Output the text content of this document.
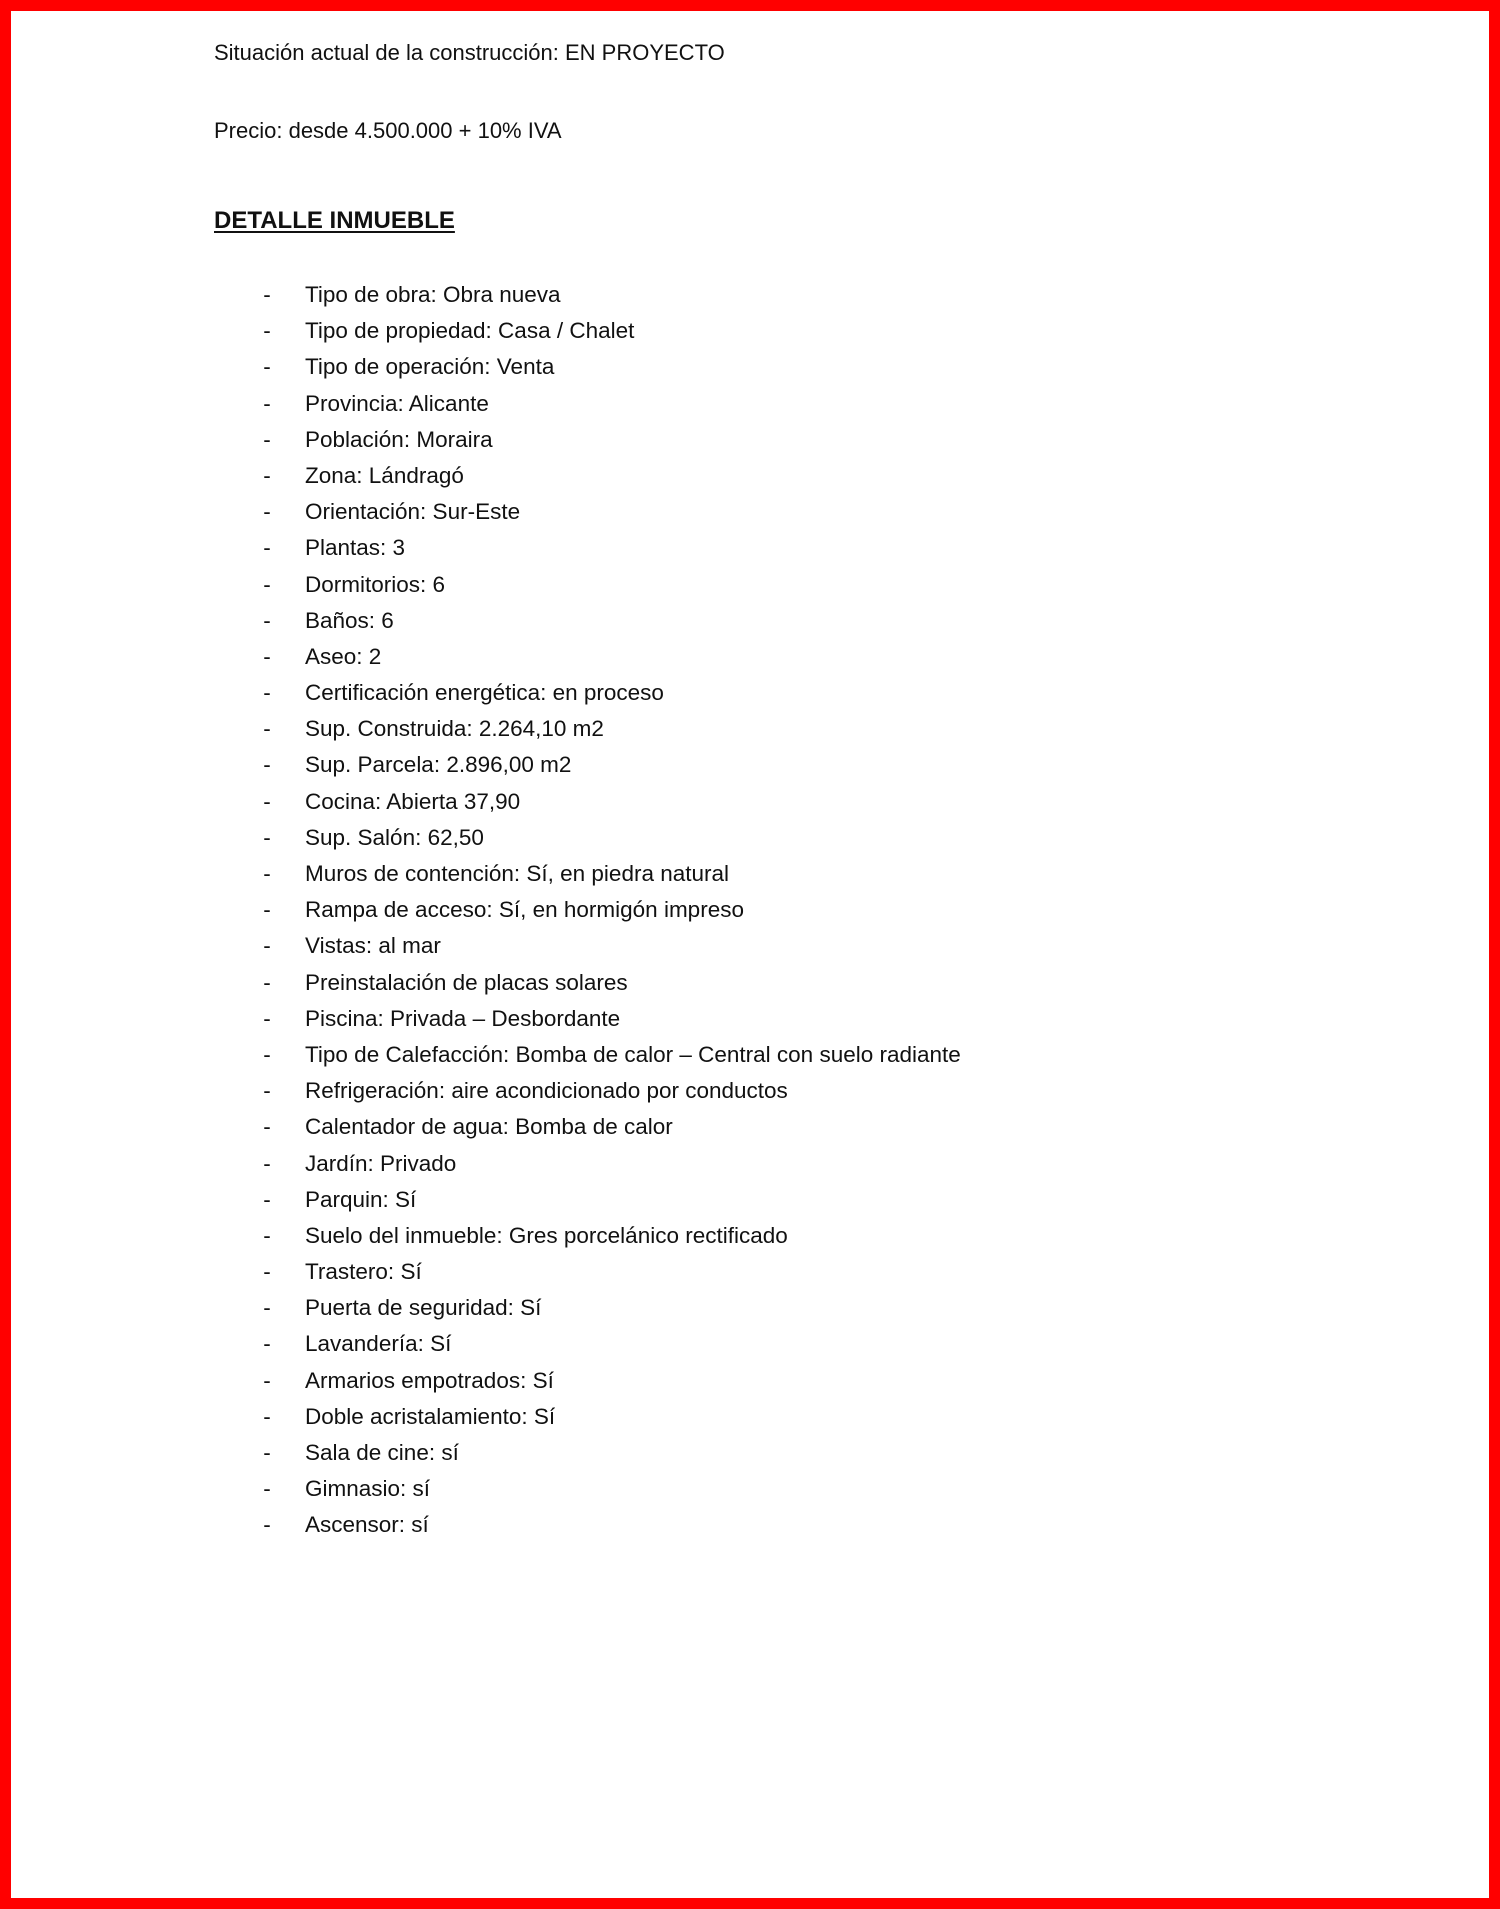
Situación actual de la construcción: EN PROYECTO
Precio: desde 4.500.000 + 10% IVA
DETALLE INMUEBLE
- Tipo de obra: Obra nueva
- Tipo de propiedad: Casa / Chalet
- Tipo de operación: Venta
- Provincia: Alicante
- Población: Moraira
- Zona: Lándragó
- Orientación: Sur-Este
- Plantas: 3
- Dormitorios: 6
- Baños: 6
- Aseo: 2
- Certificación energética: en proceso
- Sup. Construida: 2.264,10 m2
- Sup. Parcela: 2.896,00 m2
- Cocina: Abierta 37,90
- Sup. Salón: 62,50
- Muros de contención: Sí, en piedra natural
- Rampa de acceso: Sí, en hormigón impreso
- Vistas: al mar
- Preinstalación de placas solares
- Piscina: Privada – Desbordante
- Tipo de Calefacción: Bomba de calor – Central con suelo radiante
- Refrigeración: aire acondicionado por conductos
- Calentador de agua: Bomba de calor
- Jardín: Privado
- Parquin: Sí
- Suelo del inmueble: Gres porcelánico rectificado
- Trastero: Sí
- Puerta de seguridad: Sí
- Lavandería: Sí
- Armarios empotrados: Sí
- Doble acristalamiento: Sí
- Sala de cine: sí
- Gimnasio: sí
- Ascensor: sí
